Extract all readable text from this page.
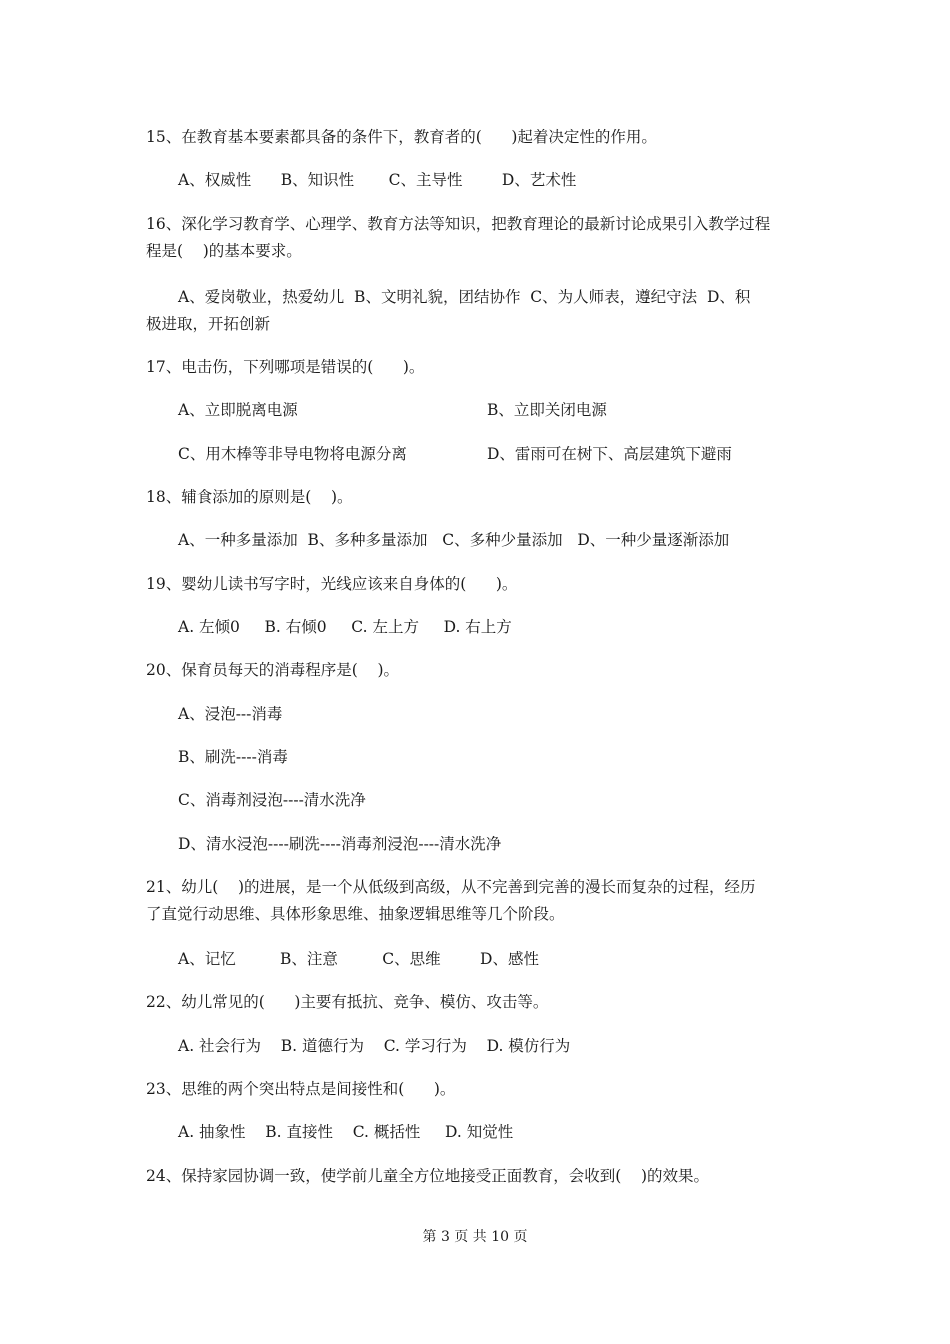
15、在教育基本要素都具备的条件下，教育者的(      )起着决定性的作用。
A、权威性      B、知识性       C、主导性        D、艺术性
16、深化学习教育学、心理学、教育方法等知识，把教育理论的最新讨论成果引入教学过程
程是(    )的基本要求。
A、爱岗敬业，热爱幼儿  B、文明礼貌，团结协作  C、为人师表，遵纪守法  D、积
极进取，开拓创新
17、电击伤，下列哪项是错误的(      )。
A、立即脱离电源	B、立即关闭电源
C、用木棒等非导电物将电源分离	D、雷雨可在树下、高层建筑下避雨
18、辅食添加的原则是(    )。
A、一种多量添加  B、多种多量添加   C、多种少量添加   D、一种少量逐渐添加
19、婴幼儿读书写字时，光线应该来自身体的(      )。
A. 左倾0     B. 右倾0     C. 左上方     D. 右上方
20、保育员每天的消毒程序是(    )。
A、浸泡---消毒
B、刷洗----消毒
C、消毒剂浸泡----清水洗净
D、清水浸泡----刷洗----消毒剂浸泡----清水洗净
21、幼儿(    )的进展，是一个从低级到高级，从不完善到完善的漫长而复杂的过程，经历
了直觉行动思维、具体形象思维、抽象逻辑思维等几个阶段。
A、记忆         B、注意         C、思维        D、感性
22、幼儿常见的(      )主要有抵抗、竞争、模仿、攻击等。
A. 社会行为    B. 道德行为    C. 学习行为    D. 模仿行为
23、思维的两个突出特点是间接性和(      )。
A. 抽象性    B. 直接性    C. 概括性     D. 知觉性
24、保持家园协调一致，使学前儿童全方位地接受正面教育，会收到(    )的效果。
第 3 页 共 10 页
